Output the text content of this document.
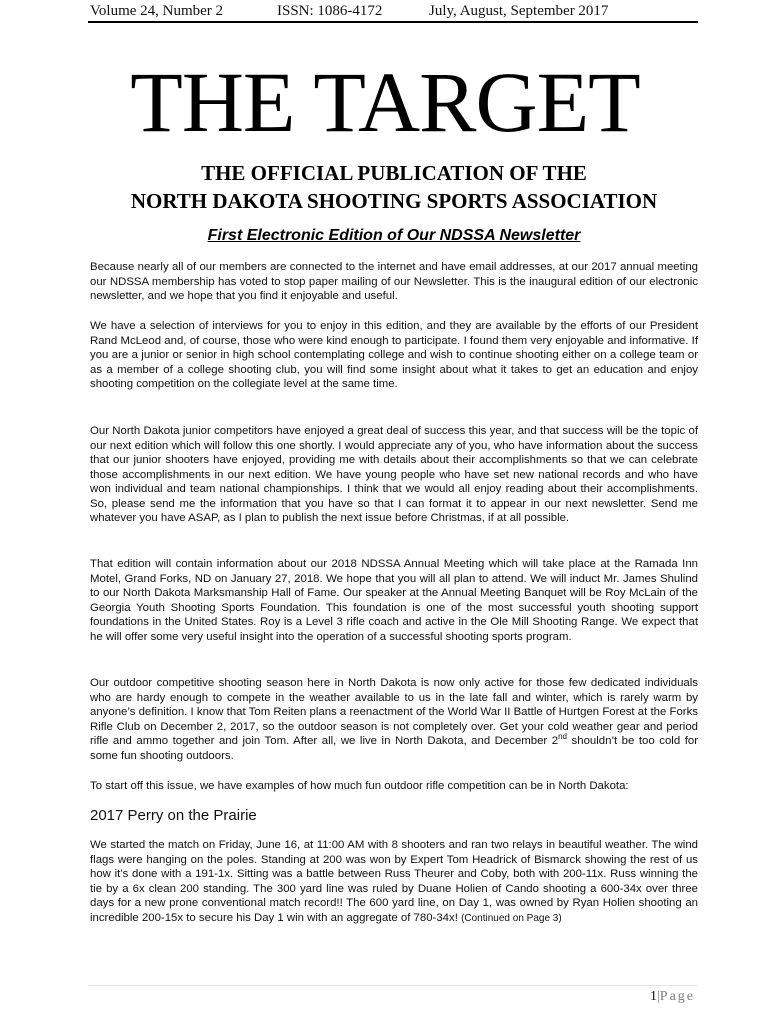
Volume 24, Number 2	ISSN: 1086-4172	July, August, September 2017
THE TARGET
THE OFFICIAL PUBLICATION OF THE
NORTH DAKOTA SHOOTING SPORTS ASSOCIATION
First Electronic Edition of Our NDSSA Newsletter

Because nearly all of our members are connected to the internet and have email addresses, at our 2017 annual meeting our NDSSA membership has voted to stop paper mailing of our Newsletter. This is the inaugural edition of our electronic newsletter, and we hope that you find it enjoyable and useful.

We have a selection of interviews for you to enjoy in this edition, and they are available by the efforts of our President Rand McLeod and, of course, those who were kind enough to participate. I found them very enjoyable and informative. If you are a junior or senior in high school contemplating college and wish to continue shooting either on a college team or as a member of a college shooting club, you will find some insight about what it takes to get an education and enjoy shooting competition on the collegiate level at the same time.

Our North Dakota junior competitors have enjoyed a great deal of success this year, and that success will be the topic of our next edition which will follow this one shortly. I would appreciate any of you, who have information about the success that our junior shooters have enjoyed, providing me with details about their accomplishments so that we can celebrate those accomplishments in our next edition. We have young people who have set new national records and who have won individual and team national championships. I think that we would all enjoy reading about their accomplishments. So, please send me the information that you have so that I can format it to appear in our next newsletter. Send me whatever you have ASAP, as I plan to publish the next issue before Christmas, if at all possible.

That edition will contain information about our 2018 NDSSA Annual Meeting which will take place at the Ramada Inn Motel, Grand Forks, ND on January 27, 2018. We hope that you will all plan to attend. We will induct Mr. James Shulind to our North Dakota Marksmanship Hall of Fame. Our speaker at the Annual Meeting Banquet will be Roy McLain of the Georgia Youth Shooting Sports Foundation. This foundation is one of the most successful youth shooting support foundations in the United States. Roy is a Level 3 rifle coach and active in the Ole Mill Shooting Range. We expect that he will offer some very useful insight into the operation of a successful shooting sports program.

Our outdoor competitive shooting season here in North Dakota is now only active for those few dedicated individuals who are hardy enough to compete in the weather available to us in the late fall and winter, which is rarely warm by anyone’s definition. I know that Tom Reiten plans a reenactment of the World War II Battle of Hurtgen Forest at the Forks Rifle Club on December 2, 2017, so the outdoor season is not completely over. Get your cold weather gear and period rifle and ammo together and join Tom. After all, we live in North Dakota, and December 2nd shouldn’t be too cold for some fun shooting outdoors.

To start off this issue, we have examples of how much fun outdoor rifle competition can be in North Dakota:

2017 Perry on the Prairie

We started the match on Friday, June 16, at 11:00 AM with 8 shooters and ran two relays in beautiful weather. The wind flags were hanging on the poles. Standing at 200 was won by Expert Tom Headrick of Bismarck showing the rest of us how it’s done with a 191-1x. Sitting was a battle between Russ Theurer and Coby, both with 200-11x. Russ winning the tie by a 6x clean 200 standing. The 300 yard line was ruled by Duane Holien of Cando shooting a 600-34x over three days for a new prone conventional match record!! The 600 yard line, on Day 1, was owned by Ryan Holien shooting an incredible 200-15x to secure his Day 1 win with an aggregate of 780-34x! (Continued on Page 3)

1|Page
